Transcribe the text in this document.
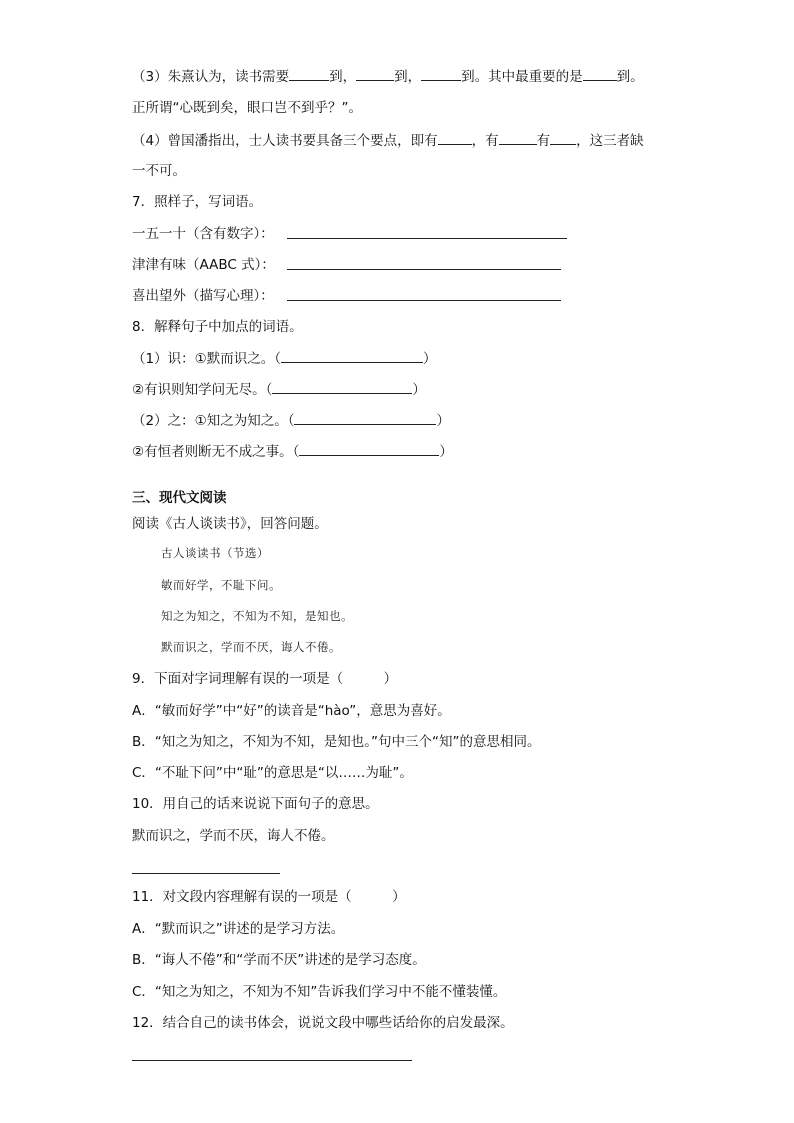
（3）朱熹认为，读书需要	到，	到，	到。其中最重要的是	到。
正所谓“心既到矣，眼口岂不到乎？”。
（4）曾国潘指出，士人读书要具备三个要点，即有	，有	有 ，这三者缺
一不可。
7．照样子，写词语。
一五一十（含有数字）：
津津有味（AABC 式）：
喜出望外（描写心理）：
8．解释句子中加点的词语。
（1）识：①默而识之。（	）
②有识则知学问无尽。（	）
（2）之：①知之为知之。（	）
②有恒者则断无不成之事。（	）
三、现代文阅读
阅读《古人谈读书》，回答问题。
古人谈读书（节选）
敏而好学，不耻下问。
知之为知之，不知为不知，是知也。
默而识之，学而不厌，诲人不倦。
9．下面对字词理解有误的一项是（　　　）
A．“敏而好学”中“好”的读音是“hào”，意思为喜好。
B．“知之为知之，不知为不知，是知也。”句中三个“知”的意思相同。
C．“不耻下问”中“耻”的意思是“以……为耻”。
10．用自己的话来说说下面句子的意思。
默而识之，学而不厌，诲人不倦。
11．对文段内容理解有误的一项是（　　　）
A．“默而识之”讲述的是学习方法。
B．“诲人不倦”和“学而不厌”讲述的是学习态度。
C．“知之为知之，不知为不知”告诉我们学习中不能不懂装懂。
12．结合自己的读书体会，说说文段中哪些话给你的启发最深。
